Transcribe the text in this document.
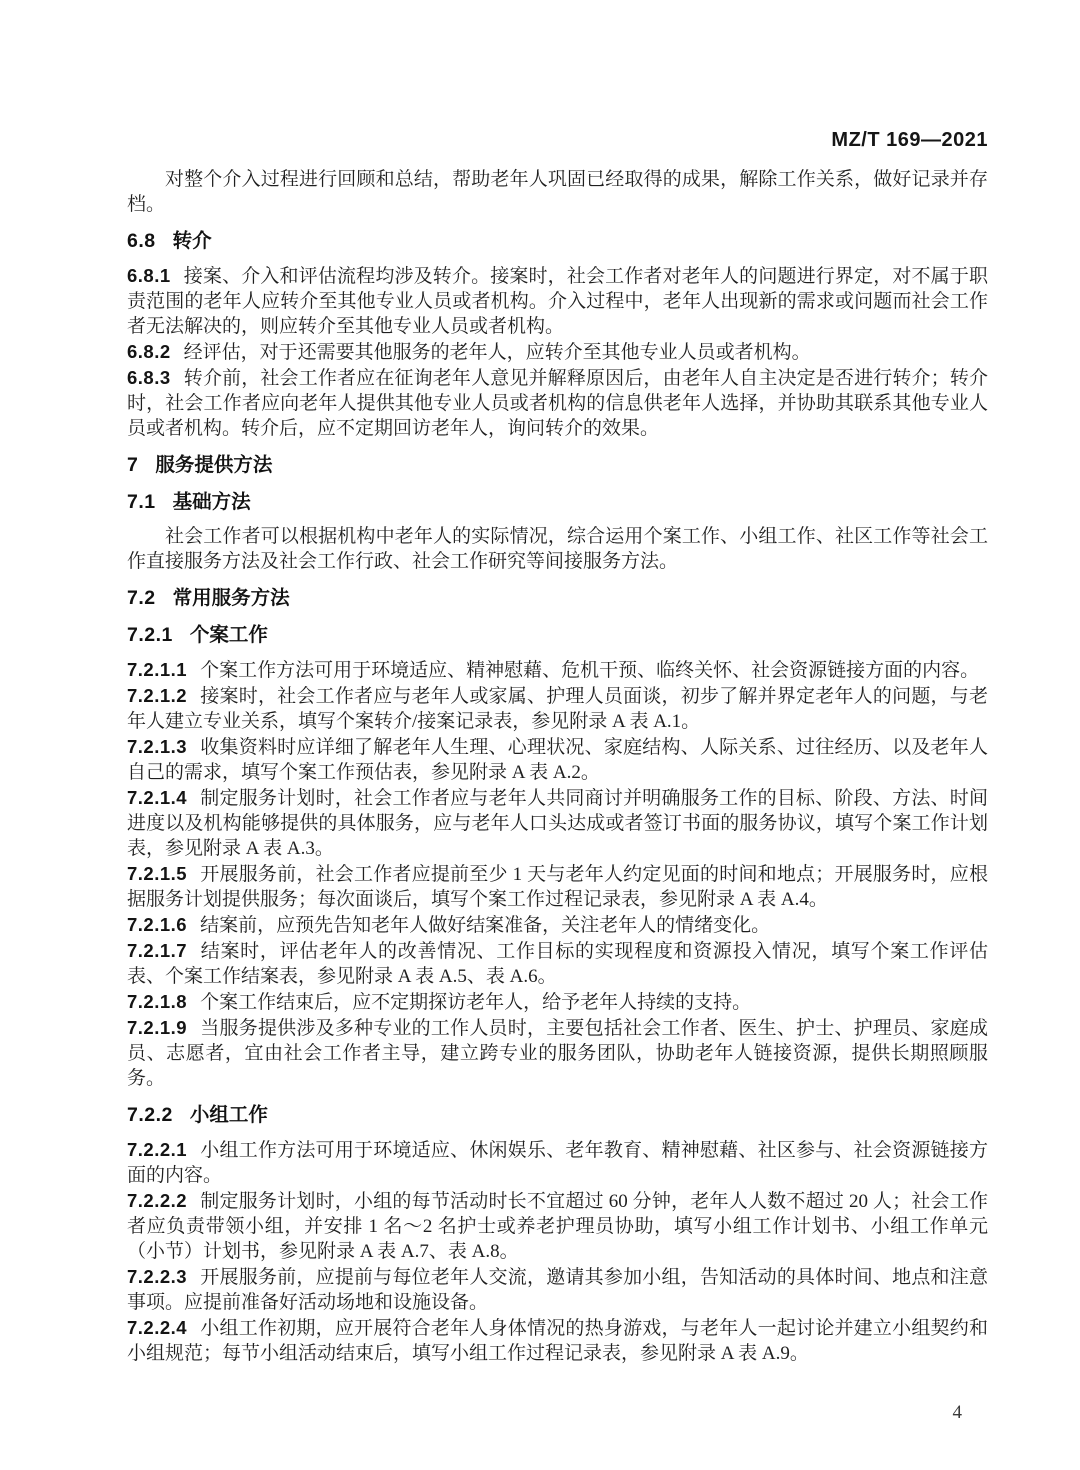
MZ/T 169—2021

对整个介入过程进行回顾和总结，帮助老年人巩固已经取得的成果，解除工作关系，做好记录并存档。

6.8 转介

6.8.1 接案、介入和评估流程均涉及转介。接案时，社会工作者对老年人的问题进行界定，对不属于职责范围的老年人应转介至其他专业人员或者机构。介入过程中，老年人出现新的需求或问题而社会工作者无法解决的，则应转介至其他专业人员或者机构。

6.8.2 经评估，对于还需要其他服务的老年人，应转介至其他专业人员或者机构。

6.8.3 转介前，社会工作者应在征询老年人意见并解释原因后，由老年人自主决定是否进行转介；转介时，社会工作者应向老年人提供其他专业人员或者机构的信息供老年人选择，并协助其联系其他专业人员或者机构。转介后，应不定期回访老年人，询问转介的效果。

7 服务提供方法
7.1 基础方法

社会工作者可以根据机构中老年人的实际情况，综合运用个案工作、小组工作、社区工作等社会工作直接服务方法及社会工作行政、社会工作研究等间接服务方法。

7.2 常用服务方法
7.2.1 个案工作

7.2.1.1 个案工作方法可用于环境适应、精神慰藉、危机干预、临终关怀、社会资源链接方面的内容。

7.2.1.2 接案时，社会工作者应与老年人或家属、护理人员面谈，初步了解并界定老年人的问题，与老年人建立专业关系，填写个案转介/接案记录表，参见附录 A 表 A.1。

7.2.1.3 收集资料时应详细了解老年人生理、心理状况、家庭结构、人际关系、过往经历、以及老年人自己的需求，填写个案工作预估表，参见附录 A 表 A.2。

7.2.1.4 制定服务计划时，社会工作者应与老年人共同商讨并明确服务工作的目标、阶段、方法、时间进度以及机构能够提供的具体服务，应与老年人口头达成或者签订书面的服务协议，填写个案工作计划表，参见附录 A 表 A.3。

7.2.1.5 开展服务前，社会工作者应提前至少 1 天与老年人约定见面的时间和地点；开展服务时，应根据服务计划提供服务；每次面谈后，填写个案工作过程记录表，参见附录 A 表 A.4。

7.2.1.6 结案前，应预先告知老年人做好结案准备，关注老年人的情绪变化。

7.2.1.7 结案时，评估老年人的改善情况、工作目标的实现程度和资源投入情况，填写个案工作评估表、个案工作结案表，参见附录 A 表 A.5、表 A.6。

7.2.1.8 个案工作结束后，应不定期探访老年人，给予老年人持续的支持。

7.2.1.9 当服务提供涉及多种专业的工作人员时，主要包括社会工作者、医生、护士、护理员、家庭成员、志愿者，宜由社会工作者主导，建立跨专业的服务团队，协助老年人链接资源，提供长期照顾服务。

7.2.2 小组工作

7.2.2.1 小组工作方法可用于环境适应、休闲娱乐、老年教育、精神慰藉、社区参与、社会资源链接方面的内容。

7.2.2.2 制定服务计划时，小组的每节活动时长不宜超过 60 分钟，老年人人数不超过 20 人；社会工作者应负责带领小组，并安排 1 名～2 名护士或养老护理员协助，填写小组工作计划书、小组工作单元（小节）计划书，参见附录 A 表 A.7、表 A.8。

7.2.2.3 开展服务前，应提前与每位老年人交流，邀请其参加小组，告知活动的具体时间、地点和注意事项。应提前准备好活动场地和设施设备。

7.2.2.4 小组工作初期，应开展符合老年人身体情况的热身游戏，与老年人一起讨论并建立小组契约和小组规范；每节小组活动结束后，填写小组工作过程记录表，参见附录 A 表 A.9。

4
